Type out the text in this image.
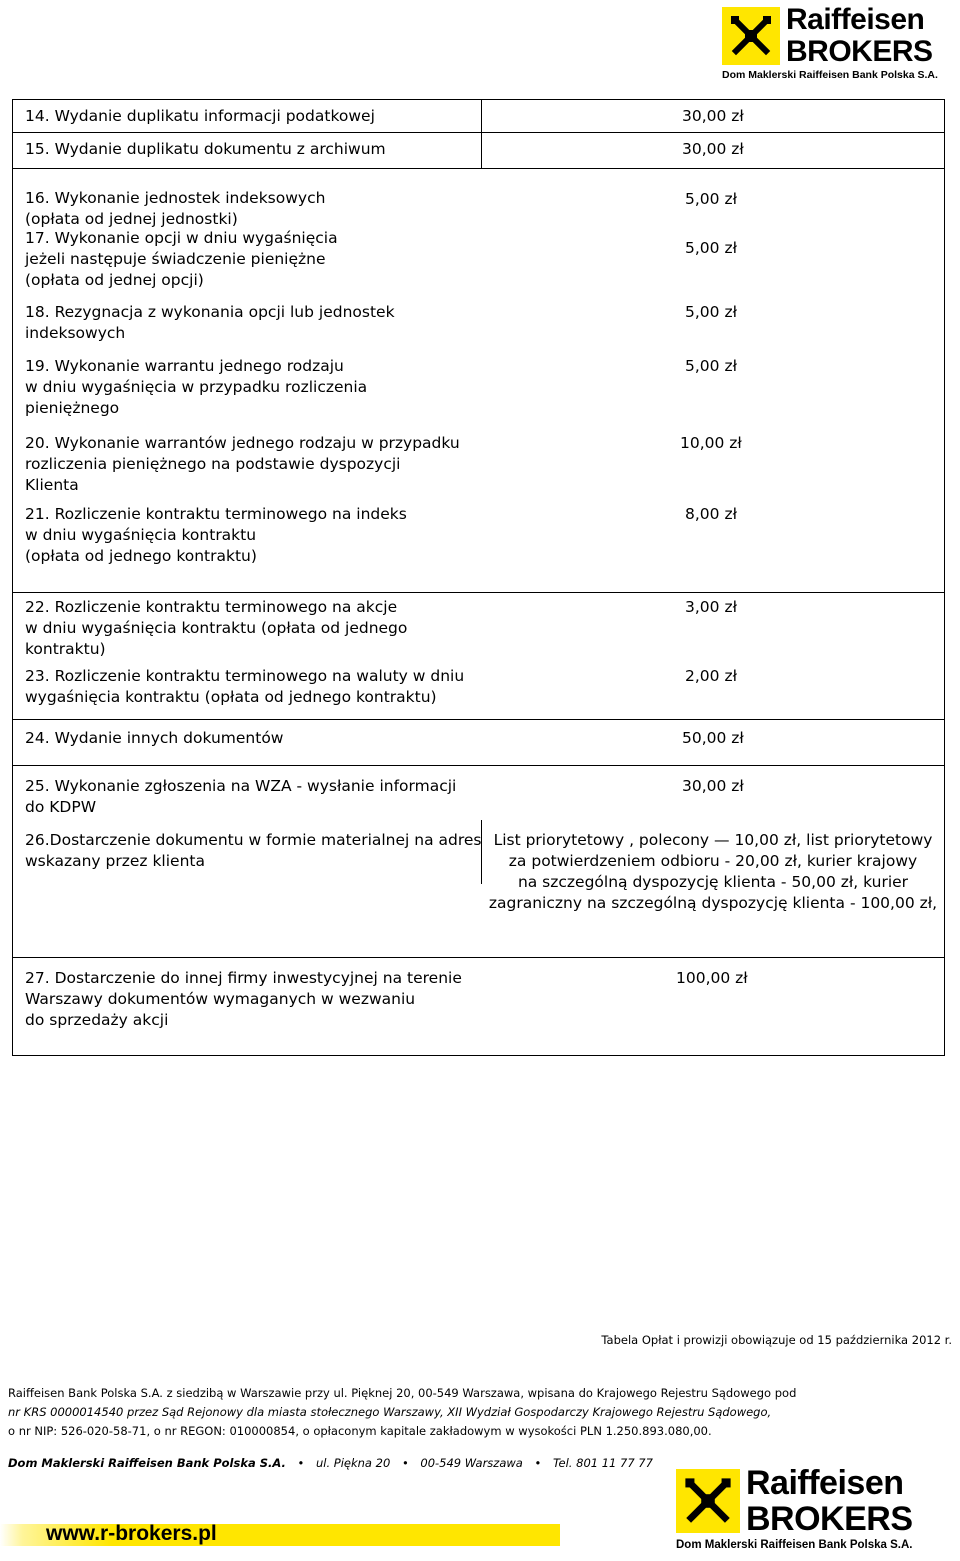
Raiffeisen
BROKERS
Dom Maklerski Raiffeisen Bank Polska S.A.
14. Wydanie duplikatu informacji podatkowej	30,00 zł
15. Wydanie duplikatu dokumentu z archiwum	30,00 zł
16. Wykonanie jednostek indeksowych
(opłata od jednej jednostki)
5,00 zł
17. Wykonanie opcji w dniu wygaśnięcia
jeżeli następuje świadczenie pieniężne
(opłata od jednej opcji)
5,00 zł
18. Rezygnacja z wykonania opcji lub jednostek
indeksowych
5,00 zł
19. Wykonanie warrantu jednego rodzaju
w dniu wygaśnięcia w przypadku rozliczenia
pieniężnego
5,00 zł
20. Wykonanie warrantów jednego rodzaju w przypadku
rozliczenia pieniężnego na podstawie dyspozycji
Klienta
10,00 zł
21. Rozliczenie kontraktu terminowego na indeks
w dniu wygaśnięcia kontraktu
(opłata od jednego kontraktu)
8,00 zł
22. Rozliczenie kontraktu terminowego na akcje
w dniu wygaśnięcia kontraktu (opłata od jednego
kontraktu)
3,00 zł
23. Rozliczenie kontraktu terminowego na waluty w dniu
wygaśnięcia kontraktu (opłata od jednego kontraktu)
2,00 zł
24. Wydanie innych dokumentów	50,00 zł
25. Wykonanie zgłoszenia na WZA - wysłanie informacji
do KDPW
30,00 zł
26.Dostarczenie dokumentu w formie materialnej na adres
wskazany przez klienta
List priorytetowy , polecony — 10,00 zł, list priorytetowy
za potwierdzeniem odbioru - 20,00 zł, kurier krajowy
na szczególną dyspozycję klienta - 50,00 zł, kurier
zagraniczny na szczególną dyspozycję klienta - 100,00 zł,
27. Dostarczenie do innej firmy inwestycyjnej na terenie
Warszawy dokumentów wymaganych w wezwaniu
do sprzedaży akcji
100,00 zł
Tabela Opłat i prowizji obowiązuje od 15 października 2012 r.
Raiffeisen Bank Polska S.A. z siedzibą w Warszawie przy ul. Pięknej 20, 00-549 Warszawa, wpisana do Krajowego Rejestru Sądowego pod
nr KRS 0000014540 przez Sąd Rejonowy dla miasta stołecznego Warszawy, XII Wydział Gospodarczy Krajowego Rejestru Sądowego,
o nr NIP: 526-020-58-71, o nr REGON: 010000854, o opłaconym kapitale zakładowym w wysokości PLN 1.250.893.080,00.
Dom Maklerski Raiffeisen Bank Polska S.A. • ul. Piękna 20 • 00-549 Warszawa • Tel. 801 11 77 77
www.r-brokers.pl
Raiffeisen
BROKERS
Dom Maklerski Raiffeisen Bank Polska S.A.
